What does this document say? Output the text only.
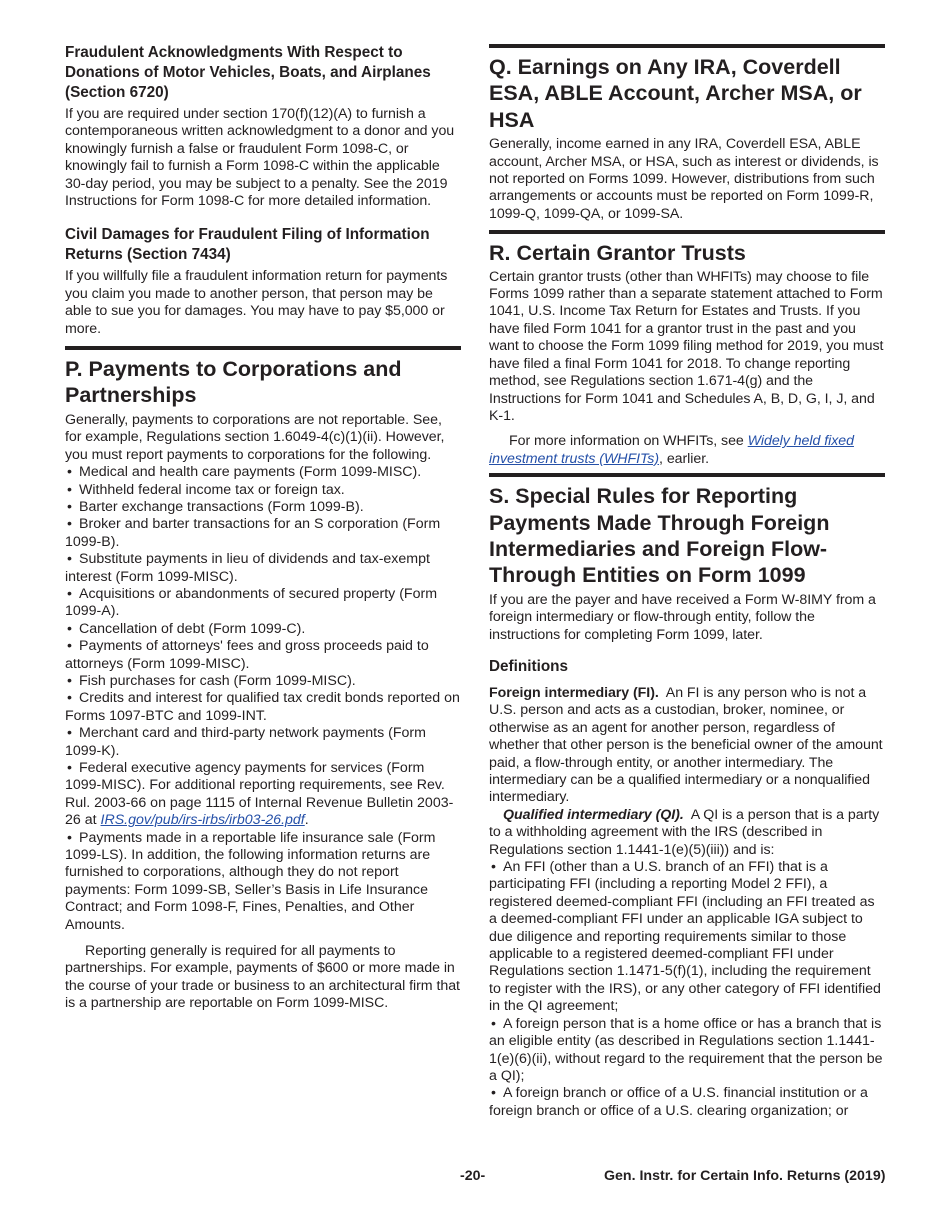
Fraudulent Acknowledgments With Respect to Donations of Motor Vehicles, Boats, and Airplanes (Section 6720)

If you are required under section 170(f)(12)(A) to furnish a contemporaneous written acknowledgment to a donor and you knowingly furnish a false or fraudulent Form 1098-C, or knowingly fail to furnish a Form 1098-C within the applicable 30-day period, you may be subject to a penalty. See the 2019 Instructions for Form 1098-C for more detailed information.

Civil Damages for Fraudulent Filing of Information Returns (Section 7434)

If you willfully file a fraudulent information return for payments you claim you made to another person, that person may be able to sue you for damages. You may have to pay $5,000 or more.

P. Payments to Corporations and Partnerships

Generally, payments to corporations are not reportable. See, for example, Regulations section 1.6049-4(c)(1)(ii). However, you must report payments to corporations for the following.

• Medical and health care payments (Form 1099-MISC).

• Withheld federal income tax or foreign tax.

• Barter exchange transactions (Form 1099-B).

• Broker and barter transactions for an S corporation (Form 1099-B).

• Substitute payments in lieu of dividends and tax-exempt interest (Form 1099-MISC).

• Acquisitions or abandonments of secured property (Form 1099-A).

• Cancellation of debt (Form 1099-C).

• Payments of attorneys' fees and gross proceeds paid to attorneys (Form 1099-MISC).

• Fish purchases for cash (Form 1099-MISC).

• Credits and interest for qualified tax credit bonds reported on Forms 1097-BTC and 1099-INT.

• Merchant card and third-party network payments (Form 1099-K).

• Federal executive agency payments for services (Form 1099-MISC). For additional reporting requirements, see Rev. Rul. 2003-66 on page 1115 of Internal Revenue Bulletin 2003-26 at IRS.gov/pub/irs-irbs/irb03-26.pdf.

• Payments made in a reportable life insurance sale (Form 1099-LS). In addition, the following information returns are furnished to corporations, although they do not report payments: Form 1099-SB, Seller’s Basis in Life Insurance Contract; and Form 1098-F, Fines, Penalties, and Other Amounts.

Reporting generally is required for all payments to partnerships. For example, payments of $600 or more made in the course of your trade or business to an architectural firm that is a partnership are reportable on Form 1099-MISC.

Q. Earnings on Any IRA, Coverdell ESA, ABLE Account, Archer MSA, or HSA

Generally, income earned in any IRA, Coverdell ESA, ABLE account, Archer MSA, or HSA, such as interest or dividends, is not reported on Forms 1099. However, distributions from such arrangements or accounts must be reported on Form 1099-R, 1099-Q, 1099-QA, or 1099-SA.

R. Certain Grantor Trusts

Certain grantor trusts (other than WHFITs) may choose to file Forms 1099 rather than a separate statement attached to Form 1041, U.S. Income Tax Return for Estates and Trusts. If you have filed Form 1041 for a grantor trust in the past and you want to choose the Form 1099 filing method for 2019, you must have filed a final Form 1041 for 2018. To change reporting method, see Regulations section 1.671-4(g) and the Instructions for Form 1041 and Schedules A, B, D, G, I, J, and K-1.

For more information on WHFITs, see Widely held fixed investment trusts (WHFITs), earlier.

S. Special Rules for Reporting Payments Made Through Foreign Intermediaries and Foreign Flow-Through Entities on Form 1099

If you are the payer and have received a Form W-8IMY from a foreign intermediary or flow-through entity, follow the instructions for completing Form 1099, later.

Definitions

Foreign intermediary (FI). An FI is any person who is not a U.S. person and acts as a custodian, broker, nominee, or otherwise as an agent for another person, regardless of whether that other person is the beneficial owner of the amount paid, a flow-through entity, or another intermediary. The intermediary can be a qualified intermediary or a nonqualified intermediary.

Qualified intermediary (QI). A QI is a person that is a party to a withholding agreement with the IRS (described in Regulations section 1.1441-1(e)(5)(iii)) and is:

• An FFI (other than a U.S. branch of an FFI) that is a participating FFI (including a reporting Model 2 FFI), a registered deemed-compliant FFI (including an FFI treated as a deemed-compliant FFI under an applicable IGA subject to due diligence and reporting requirements similar to those applicable to a registered deemed-compliant FFI under Regulations section 1.1471-5(f)(1), including the requirement to register with the IRS), or any other category of FFI identified in the QI agreement;

• A foreign person that is a home office or has a branch that is an eligible entity (as described in Regulations section 1.1441-1(e)(6)(ii), without regard to the requirement that the person be a QI);

• A foreign branch or office of a U.S. financial institution or a foreign branch or office of a U.S. clearing organization; or

-20-	Gen. Instr. for Certain Info. Returns (2019)
